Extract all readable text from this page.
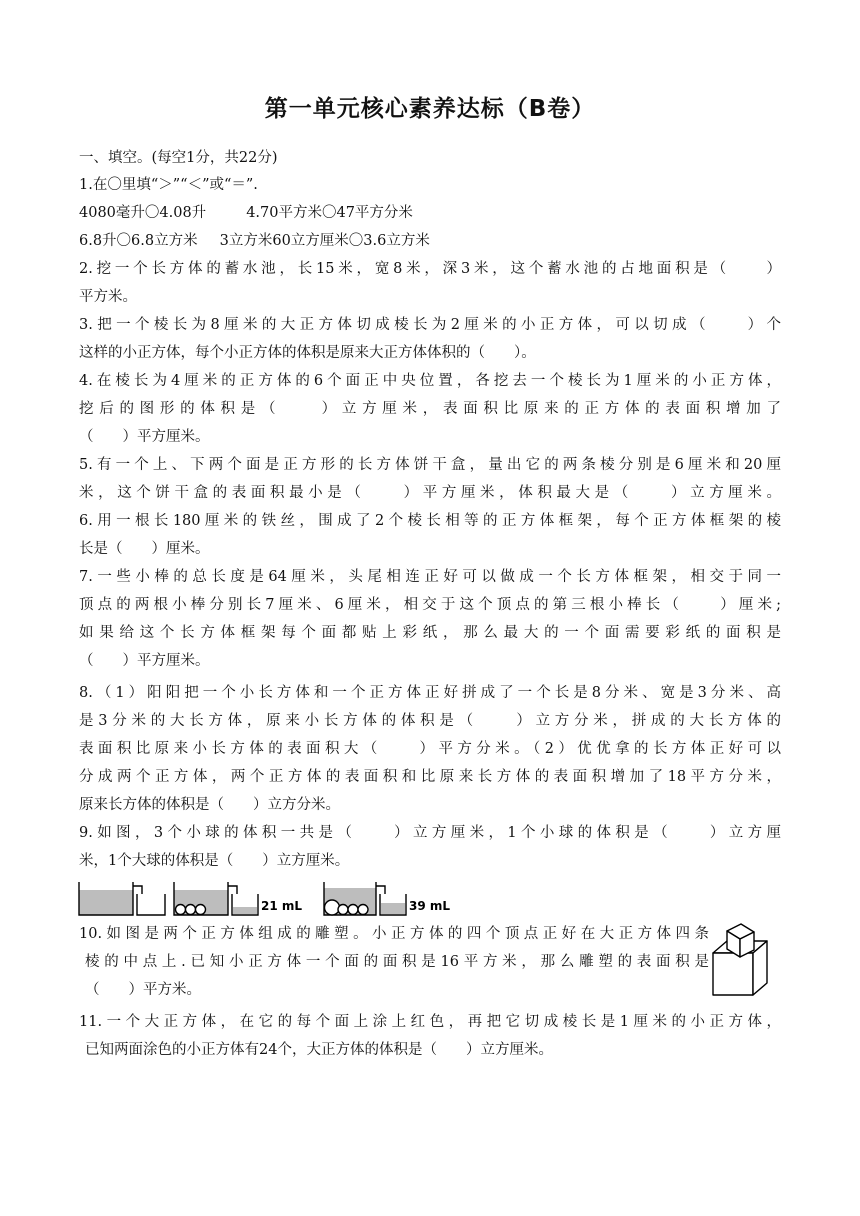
第一单元核心素养达标（B卷）
一、填空。(每空1分，共22分)
1.在〇里填“＞”“＜”或“＝”.
4080毫升〇4.08升	4.70平方米〇47平方分米
6.8升〇6.8立方米 3立方米60立方厘米〇3.6立方米
2.挖一个长方体的蓄水池，长15米，宽8米，深3米，这个蓄水池的占地面积是（　　）
平方米。
3.把一个棱长为8厘米的大正方体切成棱长为2厘米的小正方体，可以切成（　　）个
这样的小正方体，每个小正方体的体积是原来大正方体体积的（　　）。
4.在棱长为4厘米的正方体的6个面正中央位置，各挖去一个棱长为1厘米的小正方体，
挖后的图形的体积是（　　）立方厘米，表面积比原来的正方体的表面积增加了
（　　）平方厘米。
5.有一个上、下两个面是正方形的长方体饼干盒，量出它的两条棱分别是6厘米和20厘
米，这个饼干盒的表面积最小是（　　）平方厘米，体积最大是（　　）立方厘米。
6.用一根长180厘米的铁丝，围成了2个棱长相等的正方体框架，每个正方体框架的棱
长是（　　）厘米。
7.一些小棒的总长度是64厘米，头尾相连正好可以做成一个长方体框架，相交于同一
顶点的两根小棒分别长7厘米、6厘米，相交于这个顶点的第三根小棒长（　　）厘米;
如果给这个长方体框架每个面都贴上彩纸，那么最大的一个面需要彩纸的面积是
（　　）平方厘米。
8.（1）阳阳把一个小长方体和一个正方体正好拼成了一个长是8分米、宽是3分米、高
是3分米的大长方体，原来小长方体的体积是（　　）立方分米，拼成的大长方体的
表面积比原来小长方体的表面积大（　　）平方分米。（2）优优拿的长方体正好可以
分成两个正方体，两个正方体的表面积和比原来长方体的表面积增加了18平方分米，
原来长方体的体积是（　　）立方分米。
9.如图，3个小球的体积一共是（　　）立方厘米，1个小球的体积是（　　）立方厘
米，1个大球的体积是（　　）立方厘米。
21 mL	39 mL
10.如图是两个正方体组成的雕塑。小正方体的四个顶点正好在大正方体四条
棱的中点上.已知小正方体一个面的面积是16平方米，那么雕塑的表面积是
（　　）平方米。
11.一个大正方体，在它的每个面上涂上红色，再把它切成棱长是1厘米的小正方体，
已知两面涂色的小正方体有24个，大正方体的体积是（　　）立方厘米。
